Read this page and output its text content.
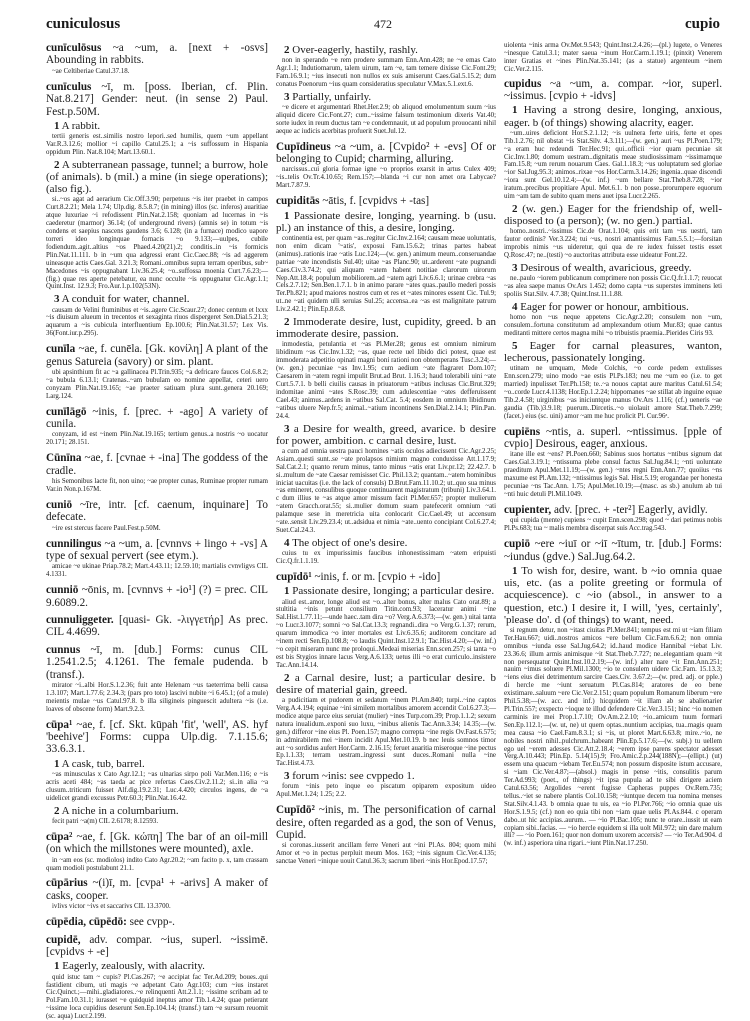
cuniculosus	472	cupio

cunīculōsus ~a ~um, a. [next + -osvs] Abounding in rabbits.

~ae Celtiberiae Catul.37.18.

cunīculus ~ī, m. [poss. Iberian, cf. Plin. Nat.8.217] Gender: neut. (in sense 2) Paul. Fest.p.50M.

1 A rabbit.

tertii generis est..similis nostro lepori..sed humilis, quem ~um appellant Var.R.3.12.6; mollior ~i capillo Catul.25.1; a ~is suffossum in Hispania oppidum Plin. Nat.8.104; Mart.13.60.1.

2 A subterranean passage, tunnel; a burrow, hole (of animals). b (mil.) a mine (in siege operations); (also fig.).

si..~os agat ad aerarium Cic.Off.3.90; perpetuus ~is iter praebet in campos Curt.8.2.21; Mela 1.74; Ulp.dig. 8.5.8.7; (in mining) illos (sc. inferos) auaritiae atque luxuriae ~i refodissent Plin.Nat.2.158; quoniam ad lucernas in ~is caederetur (marmor) 36.14; (of underground rivers) (amnis se) in totum ~is condens et saepius nascens gaudens 3.6; 6.128; (in a furnace) modico uapore torreri ideo longinquae fornacis ~o 9.133;—uulpes, cubile fodiendum..agit..altius ~os Phaed.4.20(21).2; conditis..in ~is formicis Plin.Nat.11.111. b in ~um qua adgressi erant Cic.Caec.88; ~is ad aggerem uineasque actis Caes.Gal. 3.21.3; Romani..omnibus supra terram operibus, sub~ Macedones ~is oppugnabant Liv.36.25.4; ~o..suffossa moenia Curt.7.6.23;—(fig.) quae res aperte petebatur, ea nunc occulte ~is oppugnatur Cic.Agr.1.1; Quint.Inst. 12.9.3; Fro.Aur.1.p.102(53N).

3 A conduit for water, channel.

causam de Velini fluminibus et ~is..agere Cic.Scaur.27; donec centum et lxxx ~is diuisum alueum in trecentos et sexaginta riuos dispergeret Sen.Dial.5.21.3; aquarum a ~is cubicula interfluentium Ep.100.6; Plin.Nat.31.57; Lex Vis. 36(Font.iur.p.295).

cunīla ~ae, f. cunēla. [Gk. κονίλη] A plant of the genus Satureia (savory) or sim. plant.

ubi apsinthium fit ac ~a gallinacea Pl.Trin.935; ~a defricare fauces Col.6.8.2; ~a bubula 6.13.1; Cratenas..~am bubulam eo nomine appellat, ceteri uero conyzam Plin.Nat.19.165; ~ae praeter satiuam plura sunt..genera 20.169; Larg.124.

cunīlāgō ~inis, f. [prec. + -ago] A variety of cunila.

conyzam, id est ~inem Plin.Nat.19.165; tertium genus..a nostris ~o uocatur 20.171; 28.151.

Cūnīna ~ae, f. [cvnae + -ina] The goddess of the cradle.

his Semonibus lacte fit, non uino; ~ae propter cunas, Ruminae propter rumam Var.in Non.p.167M.

cuniō ~īre, intr. [cf. caenum, inquinare] To defecate.

~ire est stercus facere Paul.Fest.p.50M.

cunnilingus ~a ~um, a. [cvnnvs + lingo + -vs] A type of sexual pervert (see etym.).

amicae ~e ukinae Priap.78.2; Mart.4.43.11; 12.59.10; martialis cvnvligvs CIL 4.1331.

cunniō ~ōnis, m. [cvnnvs + -io¹] (?) = prec. CIL 9.6089.2.

cunnuliggeter. [quasi- Gk. -λιγγετήρ] As prec. CIL 4.4699.

cunnus ~ī, m. [dub.] Forms: cunus CIL 1.2541.2.5; 4.1261. The female pudenda. b (transf.).

mirator ~i..albi Hor.S.1.2.36; fuit ante Helenam ~us taeterrima belli causa 1.3.107; Mart.1.77.6; 2.34.3; (pars pro toto) lascivi nubite ~i 6.45.1; (of a mule) meientis mulae ~us Catul.97.8. b illa siligineis pinguescit adultera ~is (i.e. loaves of obscene form) Mart.9.2.3.

cūpa¹ ~ae, f. [cf. Skt. kūpah 'fit', 'well', AS. hyf 'beehive'] Forms: cuppa Ulp.dig. 7.1.15.6; 33.6.3.1.

1 A cask, tub, barrel.

~as minusculas x Cato Agr.12.1; ~as ulnarias sirpo poli Var.Men.116; e ~is acris aceti 484; ~as taeda ac pice refertas Caes.Civ.2.11.2; si..in alia ~a clusum..triticum fuisset Alf.dig.19.2.31; Luc.4.420; circulos ingens, de ~a uidelicet grandi excussus Petr.60.3; Plin.Nat.16.42.

2 A niche in a columbarium.

fecit patri ~a(m) CIL 2.6178; 8.12593.

cūpa² ~ae, f. [Gk. κώπη] The bar of an oil-mill (on which the millstones were mounted), axle.

in ~am eos (sc. modiolos) indito Cato Agr.20.2; ~am facito p. x, tam crassam quam modioli postulabunt 21.1.

cūpārius ~(i)ī, m. [cvpa¹ + -arivs] A maker of casks, cooper.

ivlivs victor ~ivs et saccarivs CIL 13.3700.

cūpēdia, cūpēdō: see cvpp-.

cupidē, adv. compar. ~ius, superl. ~issimē. [cvpidvs + -e]

1 Eagerly, zealously, with alacrity.

quid istuc tam ~ cupis? Pl.Cas.267; ~e accipiat fac Ter.Ad.209; boues..qui fastidient cibum, uti magis ~e adpetant Cato Agr.103; cum ~ius instaret Cic.Quinct.;—mihi..gladiatores..~e relinquenti Att.2.1.1; ~issime scribam ad te Pol.Fam.10.31.1; iurasset ~e quidquid ineptus amor Tib.1.4.24; quae petierant ~issime loca cupidius deserunt Sen.Ep.104.14; (transf.) tam ~e sursum reuomit (sc. aqua) Lucr.2.199.

2 Over-eagerly, hastily, rashly.

non in sperando ~e rem prodere summam Enn.Ann.428; ne ~e emas Cato Agr.1.1; Indutiomarum, talem uirum, tam ~e, tam temere dixisse Cic.Font.29; Fam.16.9.1; ~ius insecuti non nullos ex suis amiserunt Caes.Gal.5.15.2; dum conatus Poenorum ~ius quam consideratius speculatur V.Max.5.1.ext.6.

3 Partially, unfairly.

~e dicere et argumentari Rhet.Her.2.9; ob aliquod emolumentum suum ~ius aliquid dicere Cic.Font.27; cum..~issime falsum testimonium dixeris Vat.40; sorte iudex in reum ductus tam ~e condemnauit, ut ad populum prouocanti nihil aeque ac iudicis acerbitas profuerit Suet.Jul.12.

Cupīdineus ~a ~um, a. [Cvpido² + -evs] Of or belonging to Cupid; charming, alluring.

narcissus..cui gloria formae igne ~o proprios exarsit in artus Culex 409; ~is..telis Ov.Tr.4.10.65; Rem.157;—blanda ~i cur non amet ora Labycae? Mart.7.87.9.

cupiditās ~ātis, f. [cvpidvs + -tas]

1 Passionate desire, longing, yearning. b (usu. pl.) an instance of this, a desire, longing.

continentia est, per quam ~as..regitur Cic.Inv.2.164; causam meae uoluntatis, non enim dicam '~atis', exposui Fam.15.6.2; trinas partes habeat (animus)..rationis irae ~atis Luc.124;—(w. gen.) animum meum..conseruandae patriae ~ate incendistis Sul.40; uitae ~as Planc.90; ut..arderent ~ate pugnandi Caes.Civ.3.74.2; qui aliquam ~atem habent notitiae clarorum uirorum Nep.Att.18.4; populum mobiliorem..ad ~atem agri Liv.6.6.1; urinae crebra ~as Cels.2.7.12; Sen.Ben.1.7.1. b in animo parare ~ates quas..paullo mederi possis Ter.Ph.821; apud maiores nostros cum et res et ~ates minores essent Cic. Tul.9; ut..ne ~ati quidem ulli seruias Sul.25; accensa..ea ~as est malignitate patrum Liv.2.42.1; Plin.Ep.8.6.8.

2 Immoderate desire, lust, cupidity, greed. b an immoderate desire, passion.

inmodestia, petulantia et ~as Pl.Mer.28; genus est omnium nimirum libidinum ~as Cic.Inv.1.32; ~as, quae recte uel libido dici potest, quae est immoderata adpetitio opinati magni boni rationi non obtemperans Tusc.3.24;—(w. gen.) pecuniae ~as Inv.1.95; cum aedium ~ate flagraret Dom.107; Caesarem in ~atem regni impulit Brut.ad Brut. 1.16.3; haud tolerabili uini ~ate Curt.5.7.1. b belli ciuilis causas in priuatorum ~atibus inclusas Cic.Brut.329; indomitae animi ~ates S.Rosc.39; cum adulescentiae ~ates defferuissent Cael.43; animus..ardens in ~atibus Sal.Cat. 5.4; eosdem in omnium libidinum ~atibus uluere Nep.fr.5; animal..~atium incontinens Sen.Dial.2.14.1; Plin.Pan. 24.4.

3 a Desire for wealth, greed, avarice. b desire for power, ambition. c carnal desire, lust.

a cum ad omnia uestra pauci homines ~atis oculos adiecissent Cic.Agr.2.25; Asiam..questi sunt..se ~ate prolapsos nimium magno conduxisse Att.1.17.9; Sal.Cat.2.1; quanto rerum minus, tanto minus ~atis erat Liv.pr.12; 22.42.7. b si..multum de ~ate Caesar remisisset Cic. Phil.13.2; quantam..~atem hominibus iniciat uacuitas (i.e. the lack of consuls) D.Brut.Fam.11.10.2; ut..quo sua minus ~as emineret, consulibus quoque continuarent magistratum (tribuni) Liv.3.64.1. c dum illius te ~as atque amor missum facit Pl.Mer.657; propter mulierum ~atem Gracch.orat.55; si..mulier domum suam patefecerit omnium ~ati palamque sese in meretricia uita conlocarit Cic.Cael.49; ut accensum ~ate..sensit Liv.29.23.4; ut..adsidua et nimia ~ate..uento concipiant Col.6.27.4; Suet.Cal.24.3.

4 The object of one's desire.

cuius tu ex impurissimis faucibus inhonestissimam ~atem eripuisti Cic.Q.fr.1.1.19.

cupīdō¹ ~inis, f. or m. [cvpio + -ido]

1 Passionate desire, longing; a particular desire.

aliud est..amor, longe aliud est ~o..alter bonus, alter malus Cato orat.89; a stultitia ~inis petunt consilium Titin.com.93; laceratur animi ~ine Sal.Hist.1.77.11;—unde haec..tam dira ~o? Verg.A.6.373;—(w. gen.) uitai tanta ~o Lucr.3.1077; somni ~o Sal.Cat.13.3; regnandi..dira ~o Verg.G.1.37; rerum, quarum immodica ~o inter mortales est Liv.6.35.6; auditorem concitare ad ~inem recti Sen.Ep.108.8; ~o laudis Quint.Inst.12.9.1; Tac.Hist.4.20;—(w. inf.) ~o cepit miseram nunc me proloqui..Medeai miserias Enn.scen.257; si tanta ~o est bis Stygios innare lacus Verg.A.6.133; uetus illi ~o erat curriculo..insistere Tac.Ann.14.14.

2 a Carnal desire, lust; a particular desire. b desire of material gain, greed.

a pudicitiam et pudorem et sedatum ~inem Pl.Am.840; turpi..~ine captos Verg.A.4.194; equinae ~ini similem mortalibus amorem accendit Col.6.27.3;—modice atque parce eius seruiat (mulier) ~ines Turp.com.39; Prop.1.1.2; sexum natura inualidum..exponi suo luxu, ~inibus alienis Tac.Ann.3.34; 14.35;—(w. gen.) differor ~ine eius Pl. Poen.157; magno correpta ~ine regis Ov.Fast.6.575; in admirabilem mei ~inem incidit Apul.Met.10.19. b nec leuis somnos timor aut ~o sordidus aufert Hor.Carm. 2.16.15; feruet auaritia miseroque ~ine pectus Ep.1.1.33; terram uestram..ingressi sunt duces..Romani nulla ~ine Tac.Hist.4.73.

3 forum ~inis: see cvppedo 1.

forum ~inis peto inque eo piscatum opiparem expositum uideo Apul.Met.1.24; 1.25; 2.2.

Cupīdō² ~inis, m. The personification of carnal desire, often regarded as a god, the son of Venus, Cupid.

si coronas..iusserit ancillam ferre Veneri aut ~ini Pl.As. 804; quom mihi Amor et ~o in pectus perpluit meum Mos. 163; ~inis signum Cic.Ver.4.135; sanctae Veneri ~inique uouit Catul.36.3; sacrum liberi ~inis Hor.Epod.17.57;

uiolenta ~inis arma Ov.Met.9.543; Quint.Inst.2.4.26;—(pl.) lugete, o Veneres ~inesque Catul.3.1; mater saeua ~inum Hor.Carm.1.19.1; (pinxit) Venerem inter Gratias et ~ines Plin.Nat.35.141; (as a statue) argenteum ~inem Cic.Ver.2.115.

cupidus ~a ~um, a. compar. ~ior, superl. ~issimus. [cvpio + -idvs]

1 Having a strong desire, longing, anxious, eager. b (of things) showing alacrity, eager.

~um..uires deficiont Hor.S.2.1.12; ~is uulnera ferte uiris, ferte et opes Tib.1.2.76; nil obstat ~is Stat.Silv. 4.3.111;—(w. gen.) auri ~us Pl.Poen.179; ~a eram huc redeundi Ter.Hec.91; qui..officii ~ior quam pecuniae sit Cic.Inv.1.80; domum uestram..dignitatis meae studiosissimam ~issimamque Fam.15.8; ~um rerum nouarum Caes. Gal.1.18.3; ~us uoluptatum sed gloriae ~ior Sal.Jug.95.3; animos..rixae ~os Hor.Carm.3.14.26; ingenia..quae discendi ~iora sunt Gel.10.12.4;—(w. inf.) ~um bellare Stat.Theb.8.728; ~ior iratum..precibus propitiare Apul. Met.6.1. b non posse..prorumpere equorum uim ~am tam de subito quam mens auet ipsa Lucr.2.265.

2 (w. gen.) Eager for the friendship of, well-disposed to (a person); (w. no gen.) partial.

homo..nostri..~issimus Cic.de Orat.1.104; quis erit tam ~us uestri, tam fautor ordinis? Ver.3.224; tui ~us, nostri amantissimus Fam.5.5.1;—forsitan improbis nimis ~us uideretur, qui qua de re iudex fuisset testis esset Q.Rosc.47; ne..(testi) ~o auctoritas attributa esse uideatur Font.22.

3 Desirous of wealth, avaricious, greedy.

ne..paulo ~iorem publicanum comprimere non possis Cic.Q.fr.1.1.7; reuocat ~as alea saepe manus Ov.Ars 1.452; domo capta ~us superstes imminens leti spoliis Stat.Silv. 4.7.38; Quint.Inst.11.1.88.

4 Eager for power or honour, ambitious.

homo non ~us neque appetens Cic.Agr.2.20; consulem non ~um, consulem..fortuna constitutum ad amplexandum otium Mur.83; quae cantus meditanti mittere certos magna mihi ~o tribuistis praemia..Pierides Ciris 93.

5 Eager for carnal pleasures, wanton, lecherous, passionately longing.

utinam ne umquam, Mede Colchis, ~o corde pedem extulisses Enn.scen.279; uino modo ~ae estis Pl.Ps.183; neu me ~um eo (i.e. to get married) inpulisset Ter.Ph.158; te..~a nouos captat aure maritus Catul.61.54; ~o..corde Lucr.4.1138; Hor.Ep.1.2.24; hippomanes ~ae stillat ab inguine equae Tib.2.4.58; uirginibus ~as iniciuntque manus Ov.Ars 1.116; (cf.) ueneris ~ae gaudia (Tib.)3.9.18; puerum..Dircetis..~o uiolauit amore Stat.Theb.7.299; (facet.) eius (sc. uini) amor ~am me huc prolicit Pl. Cur.96ᵃ.

cupiēns ~ntis, a. superl. ~ntissimus. [pple of cvpio] Desirous, eager, anxious.

itane ille est ~ens? Pl.Poen.660; Sabinus suos hortatus ~ntibus signum dat Caes.Gal.3.19.1; ~ntissuma plebe consul factus Sal.Jug.84.1; ~nti uoluntate praeditum Apul.Met.11.19;—(w. gen.) ~ntes regni Enn.Ann.77; quoiius ~ns maxume est Pl.Am.132; ~ntissimus legis Sal. Hist.5.19; erogandae per honesta pecuniae ~ns Tac.Ann. 1.75; Apul.Met.10.19;—(masc. as sb.) anulum ab tui ~nti huic detuli Pl.Mil.1049.

cupienter, adv. [prec. + -ter²] Eagerly, avidly.

qui cupida (mente) cupiens ~ cupit Enn.scen.298; quod ~ dari petimus nobis Pl.Ps.683; tua ~ malis membra discerpat suis Acc.trag.543.

cupiō ~ere ~iuī or ~iī ~ītum, tr. [dub.] Forms: ~iundus (gdve.) Sal.Jug.64.2.

1 To wish for, desire, want. b ~io omnia quae uis, etc. (as a polite greeting or formula of acquiescence). c ~io (absol., in answer to a question, etc.) I desire it, I will, 'yes, certainly', 'please do'. d (of things) to want, need.

si regnum detur, non ~itast ciuitas Pl.Mer.841; tempus est mi ut ~iam filiam Ter.Hau.667; uidi..nostros amicos ~ere bellum Cic.Fam.6.6.2; non omnia omnibus ~iunda esse Sal.Jug.64.2; id..haud modice Hannibal ~iebat Liv. 23.36.6; illum armis animisque ~it Stat.Theb.7.727; ne..elegantiam quam ~it non persequatur Quint.Inst.10.2.19;—(w. inf.) alter nare ~it Enn.Ann.251; nauim ~imus soluere Pl.Mil.1300; ~io te consulem uidere Cic.Fam. 15.13.3; ~iens eius diei detrimentum sarcire Caes.Civ. 3.67.2;—(w. pred. adj. or pple.) di hercle me ~iunt seruatum Pl.Cas.814; aratores de eo bene existimare..saluum ~ere Cic.Ver.2.151; quam populum Romanum liberum ~ere Phil.5.38;—(w. acc. and inf.) hicquidem ~it illam ab se abalienarier Pl.Trin.557; exspecto ~ioque te illud defendere Cic.Ver.3.151; hinc ~io nomen carminis ire mei Prop.1.7.10; Ov.Am.2.2.10; ~io..amicum tuum formari Sen.Ep.112.1;—(w. ut, ne) ut quem optas..nuntium accipias, tua..magis quam mea causa ~io Cael.Fam.8.3.1; si ~is, ut ploret Mart.6.63.8; mire..~io, ne nobiles nostri nihil..pulchrum..habeant Plin.Ep.5.17.6;—(w. subj.) tu uellem ego uel ~erem adesses Cic.Att.2.18.4; ~erem ipse parens spectator adesset Verg.A.10.443; Plin.Ep. 5.14(15).9; Fro.Amic.2.p.244(188N);—(ellipt.) (ut) essem una quacum ~iebam Ter.Eu.574; non possum disposite istum accusare, si ~iam Cic.Ver.4.87;—(absol.) magis in pense ~itis, consulitis parum Ter.Ad.993; (poet., of things) ~it ipsa pupula ad te sibi dirigere aciem Catul.63.56; Argolides ~erent fugisse Capheras puppes Ov.Rem.735; tellus..~iet se nabere plantis Col.10.158; ~iuntque decem tua nomina menses Stat.Silv.4.1.43. b omnia quae tu uis, ea ~io Pl.Per.766; ~io omnia quae uis Hor.S.1.9.5; (cf.) non eo quia tibi non ~iam quae uelis Pl.As.844. c operam dabo..ut hic accipias..aurum.. — ~io Pl.Bac.105; nunc te orare..iussit ut eam copiam sibi..facias. — ~io hercle equidem si illa uolt Mil.972; uin dare malum illi? — ~io Poen.161; quor non domum uxorem accersis? — ~io Ter.Ad.904. d (w. inf.) asperiora uina rigari..~iunt Plin.Nat.17.250.
